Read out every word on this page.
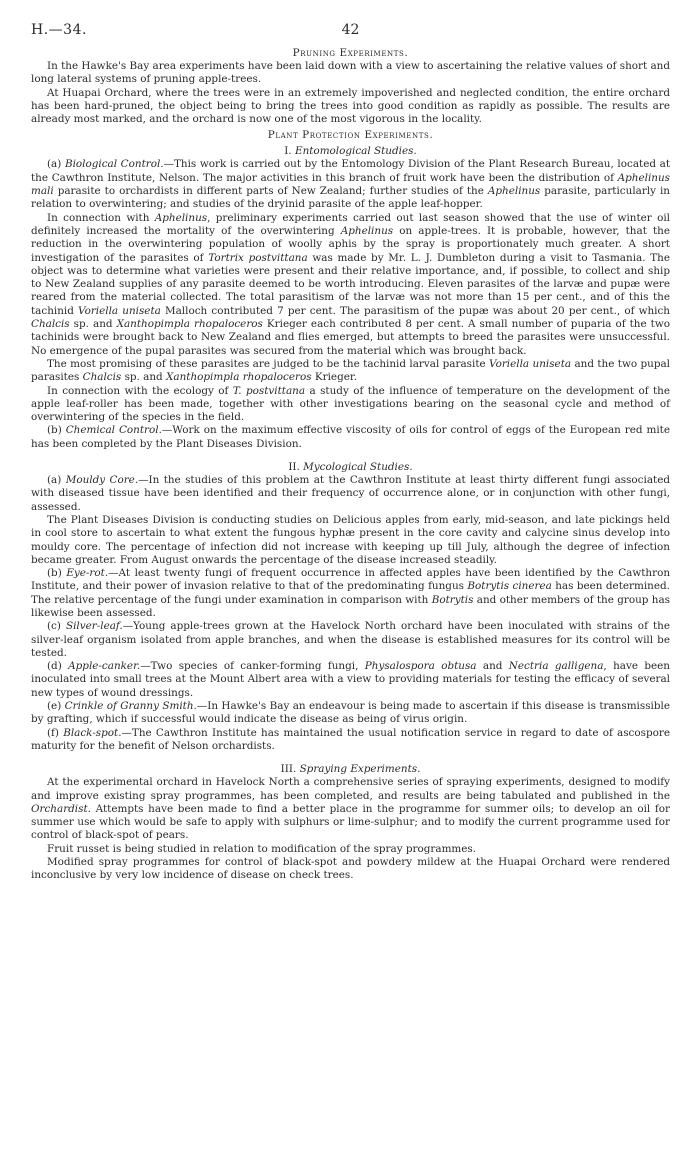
H.—34.	42
Pruning Experiments.

In the Hawke's Bay area experiments have been laid down with a view to ascertaining the relative values of short and long lateral systems of pruning apple-trees.

At Huapai Orchard, where the trees were in an extremely impoverished and neglected condition, the entire orchard has been hard-pruned, the object being to bring the trees into good condition as rapidly as possible. The results are already most marked, and the orchard is now one of the most vigorous in the locality.

Plant Protection Experiments.
I. Entomological Studies.

(a) Biological Control.—This work is carried out by the Entomology Division of the Plant Research Bureau, located at the Cawthron Institute, Nelson. The major activities in this branch of fruit work have been the distribution of Aphelinus mali parasite to orchardists in different parts of New Zealand; further studies of the Aphelinus parasite, particularly in relation to overwintering; and studies of the dryinid parasite of the apple leaf-hopper.

In connection with Aphelinus, preliminary experiments carried out last season showed that the use of winter oil definitely increased the mortality of the overwintering Aphelinus on apple-trees. It is probable, however, that the reduction in the overwintering population of woolly aphis by the spray is proportionately much greater. A short investigation of the parasites of Tortrix postvittana was made by Mr. L. J. Dumbleton during a visit to Tasmania. The object was to determine what varieties were present and their relative importance, and, if possible, to collect and ship to New Zealand supplies of any parasite deemed to be worth introducing. Eleven parasites of the larvæ and pupæ were reared from the material collected. The total parasitism of the larvæ was not more than 15 per cent., and of this the tachinid Voriella uniseta Malloch contributed 7 per cent. The parasitism of the pupæ was about 20 per cent., of which Chalcis sp. and Xanthopimpla rhopaloceros Krieger each contributed 8 per cent. A small number of puparia of the two tachinids were brought back to New Zealand and flies emerged, but attempts to breed the parasites were unsuccessful. No emergence of the pupal parasites was secured from the material which was brought back.

The most promising of these parasites are judged to be the tachinid larval parasite Voriella uniseta and the two pupal parasites Chalcis sp. and Xanthopimpla rhopaloceros Krieger.

In connection with the ecology of T. postvittana a study of the influence of temperature on the development of the apple leaf-roller has been made, together with other investigations bearing on the seasonal cycle and method of overwintering of the species in the field.

(b) Chemical Control.—Work on the maximum effective viscosity of oils for control of eggs of the European red mite has been completed by the Plant Diseases Division.

II. Mycological Studies.

(a) Mouldy Core.—In the studies of this problem at the Cawthron Institute at least thirty different fungi associated with diseased tissue have been identified and their frequency of occurrence alone, or in conjunction with other fungi, assessed.

The Plant Diseases Division is conducting studies on Delicious apples from early, mid-season, and late pickings held in cool store to ascertain to what extent the fungous hyphæ present in the core cavity and calycine sinus develop into mouldy core. The percentage of infection did not increase with keeping up till July, although the degree of infection became greater. From August onwards the percentage of the disease increased steadily.

(b) Eye-rot.—At least twenty fungi of frequent occurrence in affected apples have been identified by the Cawthron Institute, and their power of invasion relative to that of the predominating fungus Botrytis cinerea has been determined. The relative percentage of the fungi under examination in comparison with Botrytis and other members of the group has likewise been assessed.

(c) Silver-leaf.—Young apple-trees grown at the Havelock North orchard have been inoculated with strains of the silver-leaf organism isolated from apple branches, and when the disease is established measures for its control will be tested.

(d) Apple-canker.—Two species of canker-forming fungi, Physalospora obtusa and Nectria galligena, have been inoculated into small trees at the Mount Albert area with a view to providing materials for testing the efficacy of several new types of wound dressings.

(e) Crinkle of Granny Smith.—In Hawke's Bay an endeavour is being made to ascertain if this disease is transmissible by grafting, which if successful would indicate the disease as being of virus origin.

(f) Black-spot.—The Cawthron Institute has maintained the usual notification service in regard to date of ascospore maturity for the benefit of Nelson orchardists.

III. Spraying Experiments.

At the experimental orchard in Havelock North a comprehensive series of spraying experiments, designed to modify and improve existing spray programmes, has been completed, and results are being tabulated and published in the Orchardist. Attempts have been made to find a better place in the programme for summer oils; to develop an oil for summer use which would be safe to apply with sulphurs or lime-sulphur; and to modify the current programme used for control of black-spot of pears.

Fruit russet is being studied in relation to modification of the spray programmes.

Modified spray programmes for control of black-spot and powdery mildew at the Huapai Orchard were rendered inconclusive by very low incidence of disease on check trees.
